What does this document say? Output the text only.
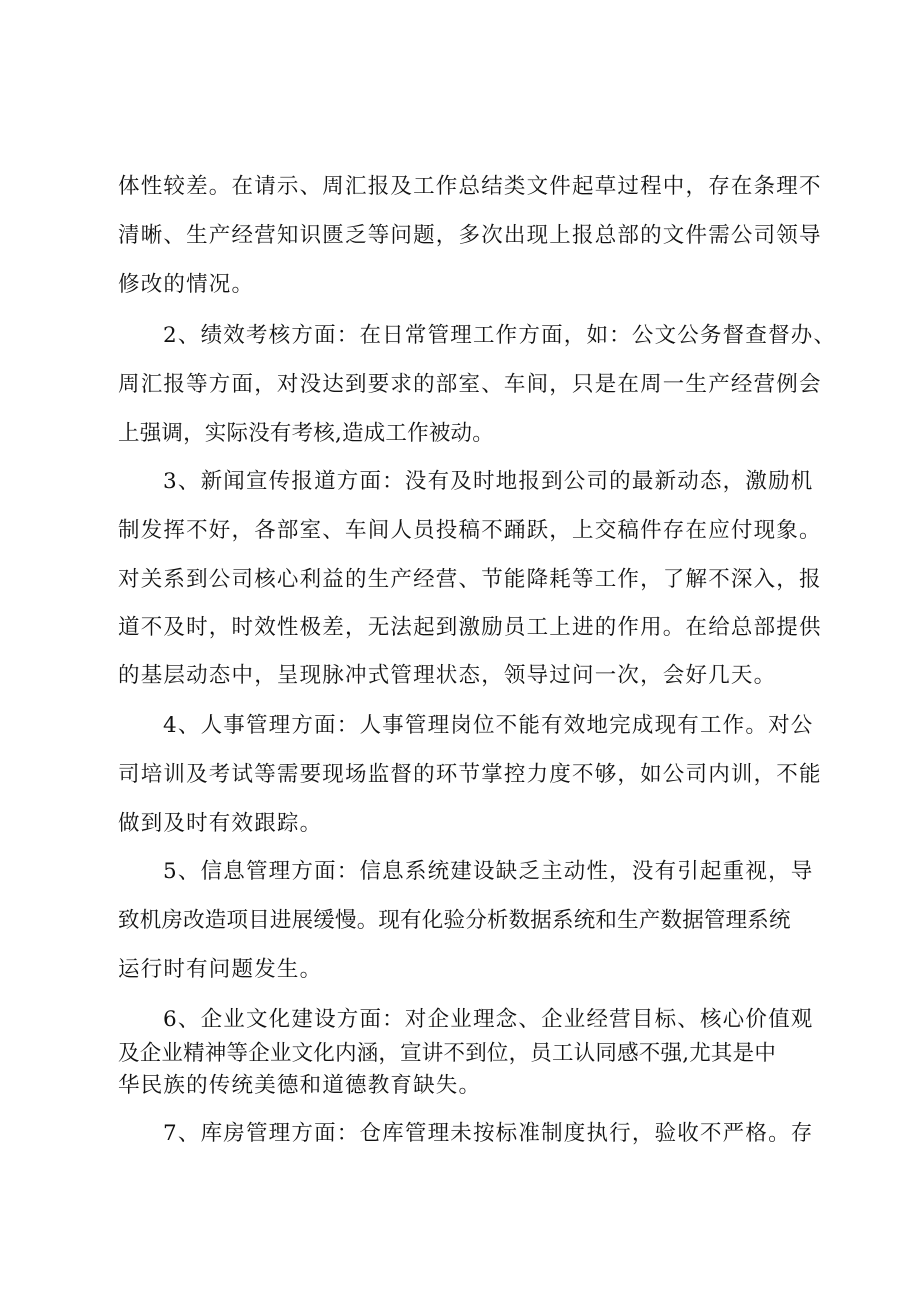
体性较差。在请示、周汇报及工作总结类文件起草过程中，存在条理不
清晰、生产经营知识匮乏等问题，多次出现上报总部的文件需公司领导
修改的情况。
2、绩效考核方面：在日常管理工作方面，如：公文公务督查督办、
周汇报等方面，对没达到要求的部室、车间，只是在周一生产经营例会
上强调，实际没有考核,造成工作被动。
3、新闻宣传报道方面：没有及时地报到公司的最新动态，激励机
制发挥不好，各部室、车间人员投稿不踊跃，上交稿件存在应付现象。
对关系到公司核心利益的生产经营、节能降耗等工作，了解不深入，报
道不及时，时效性极差，无法起到激励员工上进的作用。在给总部提供
的基层动态中，呈现脉冲式管理状态，领导过问一次，会好几天。
4、人事管理方面：人事管理岗位不能有效地完成现有工作。对公
司培训及考试等需要现场监督的环节掌控力度不够，如公司内训，不能
做到及时有效跟踪。
5、信息管理方面：信息系统建设缺乏主动性，没有引起重视，导
致机房改造项目进展缓慢。现有化验分析数据系统和生产数据管理系统
运行时有问题发生。
6、企业文化建设方面：对企业理念、企业经营目标、核心价值观
及企业精神等企业文化内涵，宣讲不到位，员工认同感不强,尤其是中
华民族的传统美德和道德教育缺失。
7、库房管理方面：仓库管理未按标准制度执行，验收不严格。存
